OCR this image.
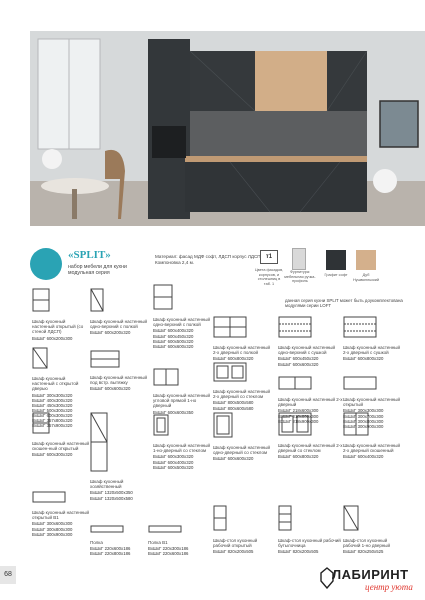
«SPLIT»
набор мебели для кухни модульная серия
Материал: фасад МДФ софт, ЛДСП корпус ЛДСП Компоновка 2,4 м.
т1
Цвета фасадов, корпусов, и столешниц в таб. 1
Фурнитура: мебельная ручка-профиль
Графит софт	Дуб Нушвилльский
данная серия кухни SPLIT может быть доукомплектована модулями серии LOFT
Шкаф кухонный настенный открытый (со стеной ЛДСП)
ВхШхГ 600х200х300
Шкаф кухонный настенный одно-верхний с полкой
ВхШхГ 600х200х320
Шкаф кухонный настенный одно-верхний с полкой
ВхШхГ 600х400х320
ВхШхГ 600х450х320
ВхШхГ 600х500х320
ВхШхГ 600х600х320	Шкаф кухонный настенный 2-х дверный с полкой
ВхШхГ 600х800х320
Шкаф кухонный настенный одно-верхний с сушкой
ВхШхГ 600х450х320
ВхШхГ 600х600х320
Шкаф кухонный настенный 2-х дверный с сушкой
ВхШхГ 600х800х320
Шкаф кухонный настенный с открытой дверью
ВхШхГ 300х300х320
ВхШхГ 400х300х320
ВхШхГ 450х300х320
ВхШхГ 500х300х320
ВхШхГ 600х300х320
ВхШхГ 357х800х320
ВхШхГ 357х900х320
Шкаф кухонный настенный под встр. вытяжку
ВхШхГ 600х600х320
Шкаф кухонный настенный угловой прямой 1-но дверный
ВхШхГ 600х600х350
Шкаф кухонный настенный 2-х дверный со стеклом
ВхШхГ 800х500х580
ВхШхГ 800х600х580
Шкаф кухонный настенный 2-х дверный
ВхШхГ 218х600х300
ВхШхГ 218х800х300
ВхШхГ 218х900х300
Шкаф кухонный настенный открытый
ВхШхГ 300х300х300
ВхШхГ 300х700х300
ВхШхГ 300х800х300
ВхШхГ 300х900х300
Шкаф кухонный настенный скошен-ный открытый
ВхШхГ 600х300х320
Шкаф кухонный хозяйственный
ВхШхГ 1320х500х350
ВхШхГ 1320х500х580
Шкаф кухонный настенный 1-но-дверный со стеклом
ВхШхГ 600х300х320
ВхШхГ 600х400х320
ВхШхГ 600х500х320
Шкаф кухонный настенный одно-дверный со стеклом
ВхШхГ 600х600х320
Шкаф кухонный настенный 2-х дверный со стеклом
ВхШхГ 600х800х320
Шкаф кухонный настенный 2-х дверный скошенный
ВхШхГ 600х400х320
Шкаф кухонный настенный открытый В1
ВхШхГ 300х600х300
ВхШхГ 300х800х300
ВхШхГ 300х900х300
Полка
ВхШхГ 220х600х186
ВхШхГ 220х800х186
Полка В1
ВхШхГ 220х300х186
ВхШхГ 220х600х186
Шкаф-стол кухонный рабочий открытый
ВхШхГ 820х200х505
Шкаф-стол кухонный рабочий бутылочница
ВхШхГ 820х200х505
Шкаф-стол кухонный рабочий 1-но дверный
ВхШхГ 820х250х525
68	ЛАБИРИНТ
центр уюта
